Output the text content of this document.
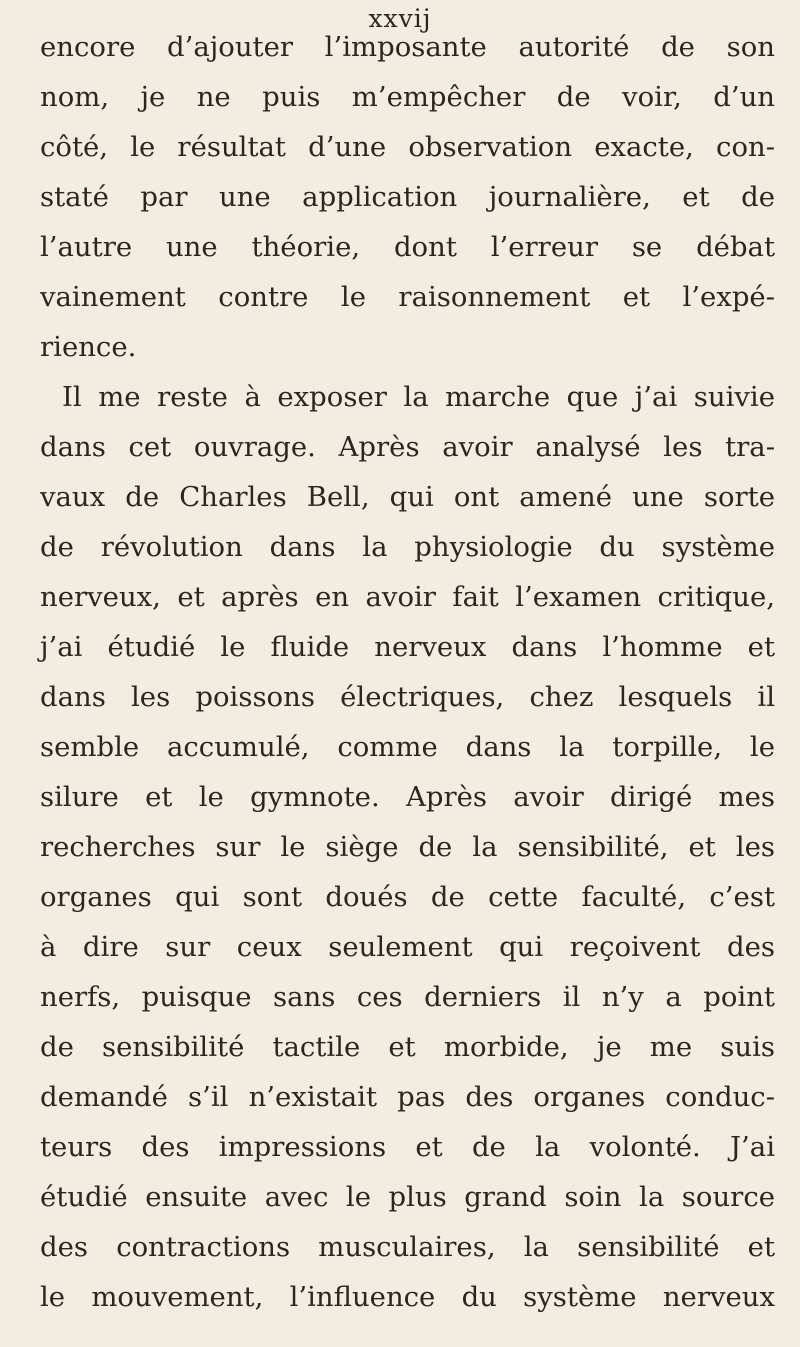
xxvij
encore d’ajouter l’imposante autorité de son
nom, je ne puis m’empêcher de voir, d’un
côté, le résultat d’une observation exacte, con-
staté par une application journalière, et de
l’autre une théorie, dont l’erreur se débat
vainement contre le raisonnement et l’expé-
rience.
Il me reste à exposer la marche que j’ai suivie
dans cet ouvrage. Après avoir analysé les tra-
vaux de Charles Bell, qui ont amené une sorte
de révolution dans la physiologie du système
nerveux, et après en avoir fait l’examen critique,
j’ai étudié le fluide nerveux dans l’homme et
dans les poissons électriques, chez lesquels il
semble accumulé, comme dans la torpille, le
silure et le gymnote. Après avoir dirigé mes
recherches sur le siège de la sensibilité, et les
organes qui sont doués de cette faculté, c’est
à dire sur ceux seulement qui reçoivent des
nerfs, puisque sans ces derniers il n’y a point
de sensibilité tactile et morbide, je me suis
demandé s’il n’existait pas des organes conduc-
teurs des impressions et de la volonté. J’ai
étudié ensuite avec le plus grand soin la source
des contractions musculaires, la sensibilité et
le mouvement, l’influence du système nerveux
